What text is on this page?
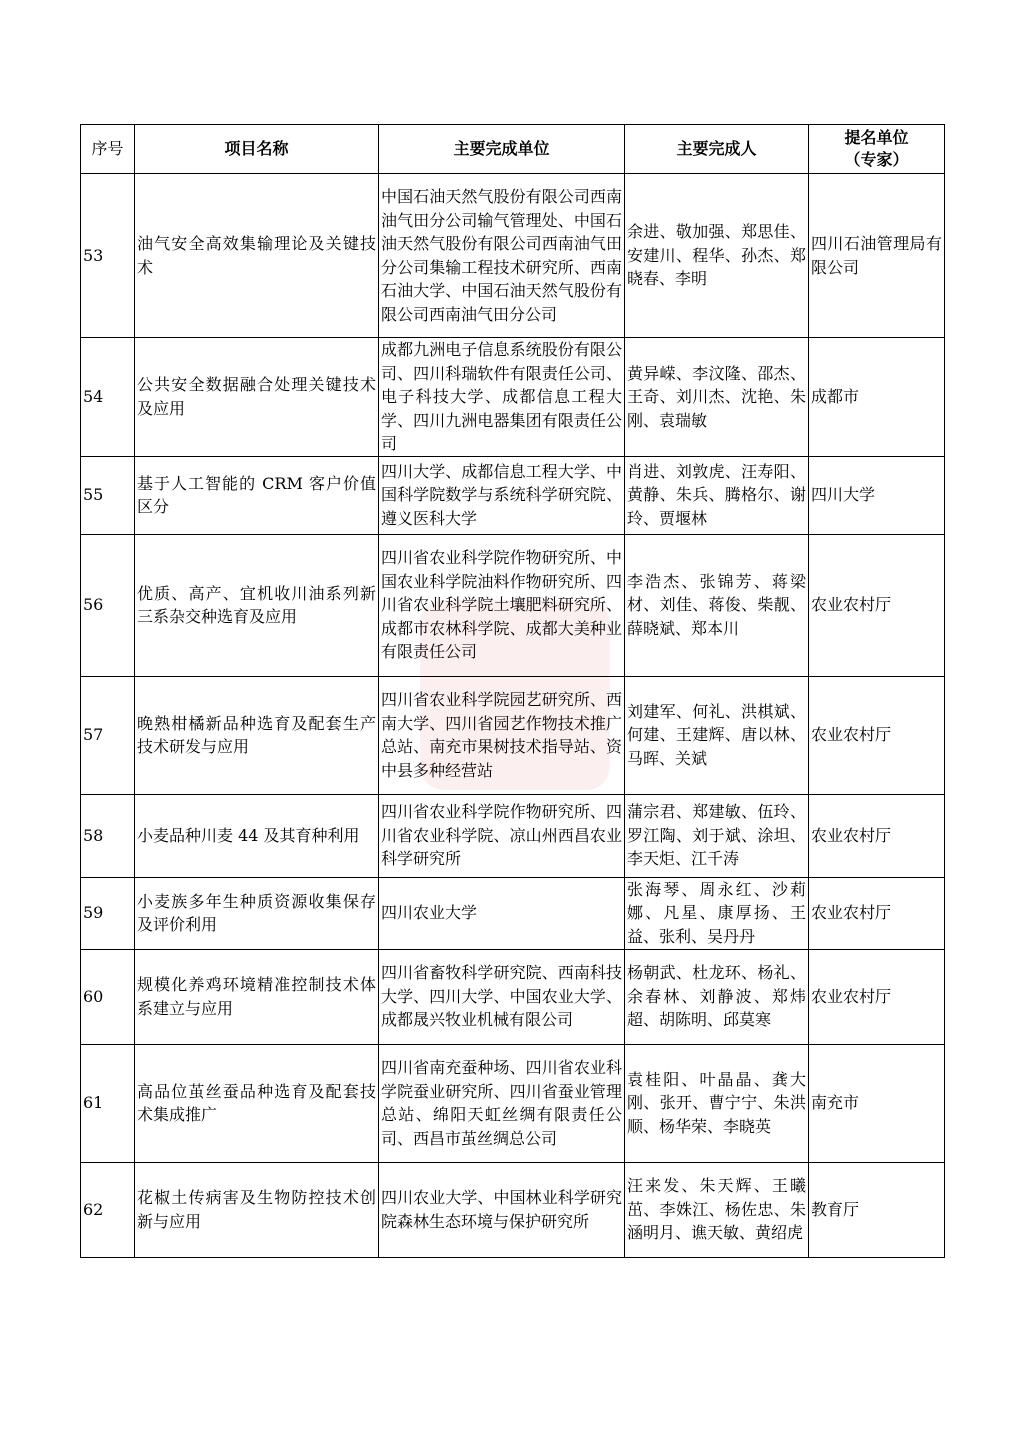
序号	项目名称	主要完成单位	主要完成人	提名单位
（专家）
53	油气安全高效集输理论及关键技术	中国石油天然气股份有限公司西南油气田分公司输气管理处、中国石油天然气股份有限公司西南油气田分公司集输工程技术研究所、西南石油大学、中国石油天然气股份有限公司西南油气田分公司	余进、敬加强、郑思佳、安建川、程华、孙杰、郑晓春、李明	四川石油管理局有限公司
54	公共安全数据融合处理关键技术及应用	成都九洲电子信息系统股份有限公司、四川科瑞软件有限责任公司、电子科技大学、成都信息工程大学、四川九洲电器集团有限责任公司	黄异嵘、李汶隆、邵杰、王奇、刘川杰、沈艳、朱刚、袁瑞敏	成都市
55	基于人工智能的 CRM 客户价值区分	四川大学、成都信息工程大学、中国科学院数学与系统科学研究院、遵义医科大学	肖进、刘敦虎、汪寿阳、黄静、朱兵、腾格尔、谢玲、贾堰林	四川大学
56	优质、高产、宜机收川油系列新三系杂交种选育及应用	四川省农业科学院作物研究所、中国农业科学院油料作物研究所、四川省农业科学院土壤肥料研究所、成都市农林科学院、成都大美种业有限责任公司	李浩杰、张锦芳、蒋梁材、刘佳、蒋俊、柴靓、薛晓斌、郑本川	农业农村厅
57	晚熟柑橘新品种选育及配套生产技术研发与应用	四川省农业科学院园艺研究所、西南大学、四川省园艺作物技术推广总站、南充市果树技术指导站、资中县多种经营站	刘建军、何礼、洪棋斌、何建、王建辉、唐以林、马晖、关斌	农业农村厅
58	小麦品种川麦 44 及其育种利用	四川省农业科学院作物研究所、四川省农业科学院、凉山州西昌农业科学研究所	蒲宗君、郑建敏、伍玲、罗江陶、刘于斌、涂坦、李天炬、江千涛	农业农村厅
59	小麦族多年生种质资源收集保存及评价利用	四川农业大学	张海琴、周永红、沙莉娜、凡星、康厚扬、王益、张利、吴丹丹	农业农村厅
60	规模化养鸡环境精准控制技术体系建立与应用	四川省畜牧科学研究院、西南科技大学、四川大学、中国农业大学、成都晟兴牧业机械有限公司	杨朝武、杜龙环、杨礼、余春林、刘静波、郑炜超、胡陈明、邱莫寒	农业农村厅
61	高品位茧丝蚕品种选育及配套技术集成推广	四川省南充蚕种场、四川省农业科学院蚕业研究所、四川省蚕业管理总站、绵阳天虹丝绸有限责任公司、西昌市茧丝绸总公司	袁桂阳、叶晶晶、龚大刚、张开、曹宁宁、朱洪顺、杨华荣、李晓英	南充市
62	花椒土传病害及生物防控技术创新与应用	四川农业大学、中国林业科学研究院森林生态环境与保护研究所	汪来发、朱天辉、王曦茁、李姝江、杨佐忠、朱涵明月、谯天敏、黄绍虎	教育厅
